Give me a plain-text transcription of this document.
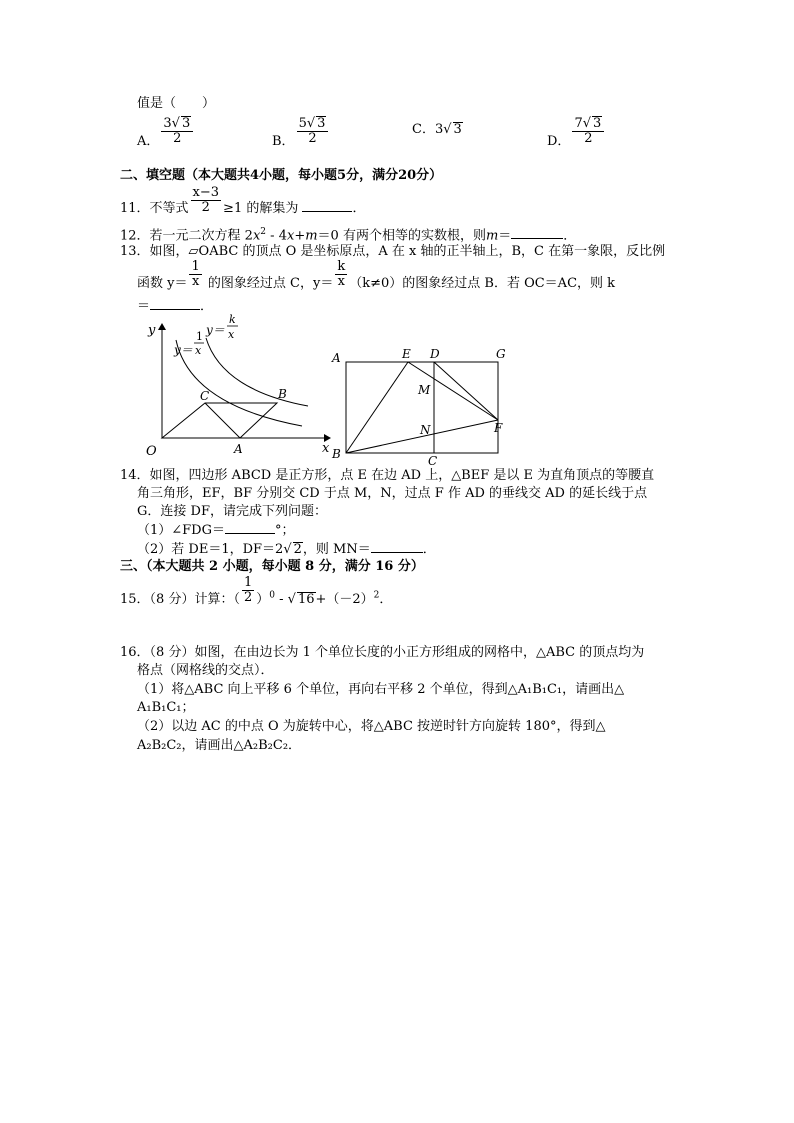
值是（　　）
A． $\frac{3√ 3}{2}$	B． $\frac{5√ 3}{2}$	C．3√ 3
D． $\frac{7√ 3}{2}$
二、填空题（本大题共4小题，每小题5分，满分20分）
11．不等式 $\frac{x-3}{2} \ge 1$ 的解集为	．
12．若一元二次方程 $2x^2 - 4x+m=0$ 有两个相等的实数根，则m＝	．
13．如图，▱OABC 的顶点 O 是坐标原点，A 在 x 轴的正半轴上，B，C 在第一象限，反比例
函数 $y= \frac{1}{x}$ 的图象经过点 C，$y= \frac{k}{x} (k\ne 0)$的图象经过点 B．若 OC＝AC，则 k
＝	．
y
x
O	A
B
C
y＝
1
x
y＝
k
x
A	E D	G
M
N	F
B	C
14．如图，四边形 ABCD 是正方形，点 E 在边 AD 上，△BEF 是以 E 为直角顶点的等腰直
角三角形，EF，BF 分别交 CD 于点 M，N，过点 F 作 AD 的垂线交 AD 的延长线于点
G．连接 DF，请完成下列问题：
（1）∠FDG＝	°；
（2）若 DE＝1，DF＝2√ 2，则 MN＝	．
三、（本大题共 2 小题，每小题 8 分，满分 16 分）
15．（8 分）计算：（ $\frac{1}{2} )^0$ - √ $16+(-2)^2$．
16．（8 分）如图，在由边长为 1 个单位长度的小正方形组成的网格中，△ABC 的顶点均为
格点（网格线的交点）．
（1）将△ABC 向上平移 6 个单位，再向右平移 2 个单位，得到△A₁B₁C₁，请画出△
A₁B₁C₁；
（2）以边 AC 的中点 O 为旋转中心，将△ABC 按逆时针方向旋转 180°，得到△
A₂B₂C₂，请画出△A₂B₂C₂．
